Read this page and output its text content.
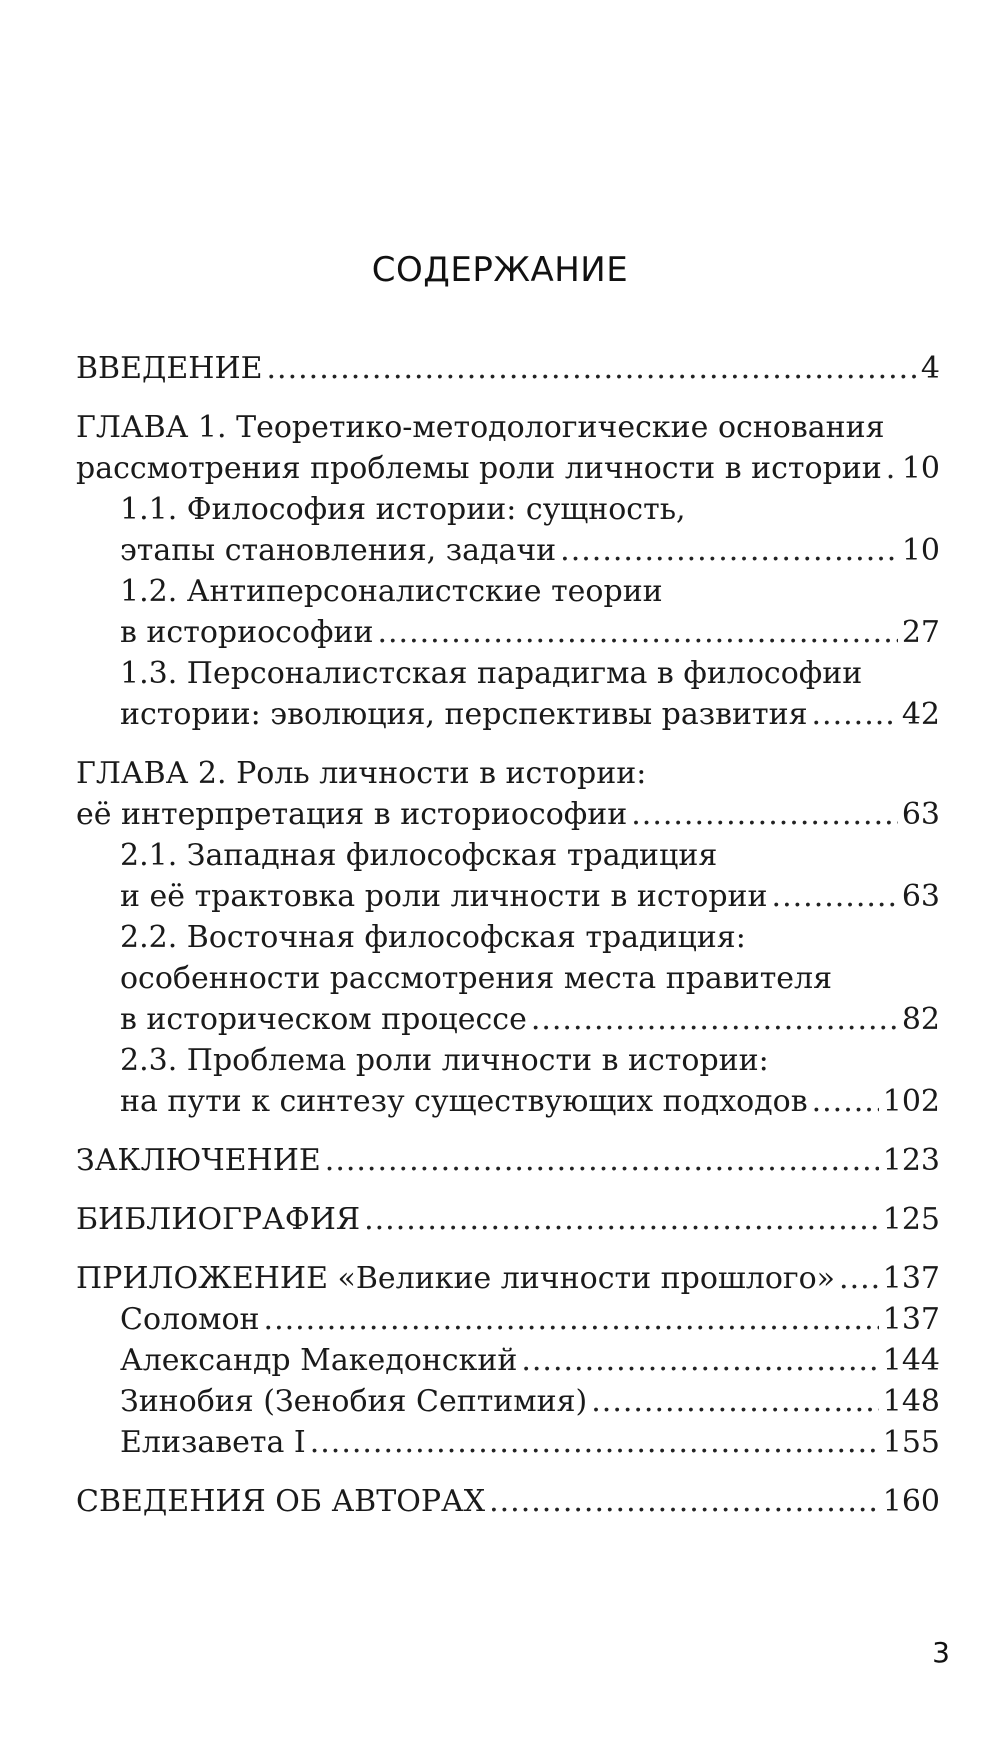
СОДЕРЖАНИЕ
ВВЕДЕНИЕ .....	4
ГЛАВА 1. Теоретико-методологические основания
рассмотрения проблемы роли личности в истории ..... 10
1.1. Философия истории: сущность,
этапы становления, задачи .....	10
1.2. Антиперсоналистские теории
в историософии .....	27
1.3. Персоналистская парадигма в философии
истории: эволюция, перспективы развития .....	42
ГЛАВА 2. Роль личности в истории:
её интерпретация в историософии .....	63
2.1. Западная философская традиция
и её трактовка роли личности в истории .....	63
2.2. Восточная философская традиция:
особенности рассмотрения места правителя
в историческом процессе .....	82
2.3. Проблема роли личности в истории:
на пути к синтезу существующих подходов .....	102
ЗАКЛЮЧЕНИЕ .....	123
БИБЛИОГРАФИЯ .....	125
ПРИЛОЖЕНИЕ «Великие личности прошлого» ..... 137
Соломон .....	137
Александр Македонский .....	144
Зинобия (Зенобия Септимия) .....	148
Елизавета I .....	155
СВЕДЕНИЯ ОБ АВТОРАХ .....	160
3
